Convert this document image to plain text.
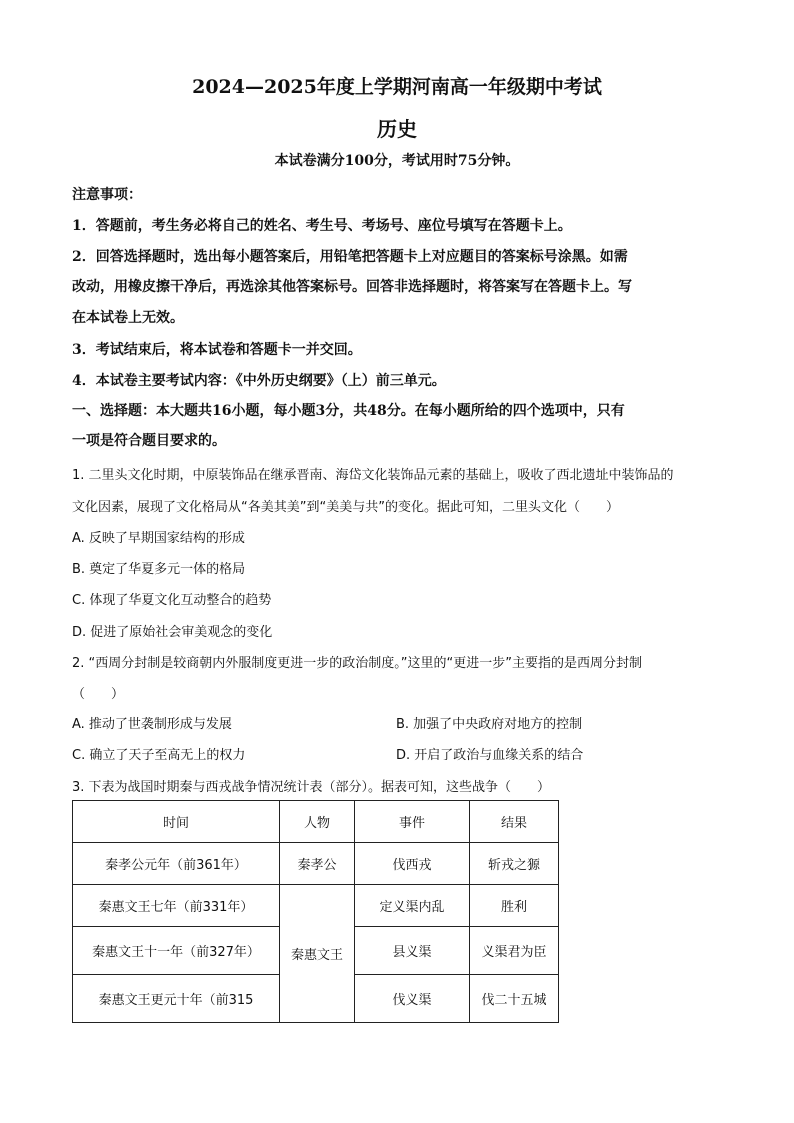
2024—2025年度上学期河南高一年级期中考试
历史
本试卷满分100分，考试用时75分钟。
注意事项：
1．答题前，考生务必将自己的姓名、考生号、考场号、座位号填写在答题卡上。
2．回答选择题时，选出每小题答案后，用铅笔把答题卡上对应题目的答案标号涂黑。如需
改动，用橡皮擦干净后，再选涂其他答案标号。回答非选择题时，将答案写在答题卡上。写
在本试卷上无效。
3．考试结束后，将本试卷和答题卡一并交回。
4．本试卷主要考试内容：《中外历史纲要》（上）前三单元。
一、选择题：本大题共16小题，每小题3分，共48分。在每小题所给的四个选项中，只有
一项是符合题目要求的。
1. 二里头文化时期，中原装饰品在继承晋南、海岱文化装饰品元素的基础上，吸收了西北遗址中装饰品的
文化因素，展现了文化格局从“各美其美”到“美美与共”的变化。据此可知，二里头文化（　　）
A. 反映了早期国家结构的形成
B. 奠定了华夏多元一体的格局
C. 体现了华夏文化互动整合的趋势
D. 促进了原始社会审美观念的变化
2. “西周分封制是较商朝内外服制度更进一步的政治制度。”这里的“更进一步”主要指的是西周分封制
（　　）
A. 推动了世袭制形成与发展	B. 加强了中央政府对地方的控制
C. 确立了天子至高无上的权力	D. 开启了政治与血缘关系的结合
3. 下表为战国时期秦与西戎战争情况统计表（部分）。据表可知，这些战争（　　）
时间	人物	事件	结果
秦孝公元年（前361年）	秦孝公	伐西戎	斩戎之獂
秦惠文王七年（前331年）	秦惠文王	定义渠内乱	胜利
秦惠文王十一年（前327年）		县义渠	义渠君为臣
秦惠文王更元十年（前315		伐义渠	伐二十五城
